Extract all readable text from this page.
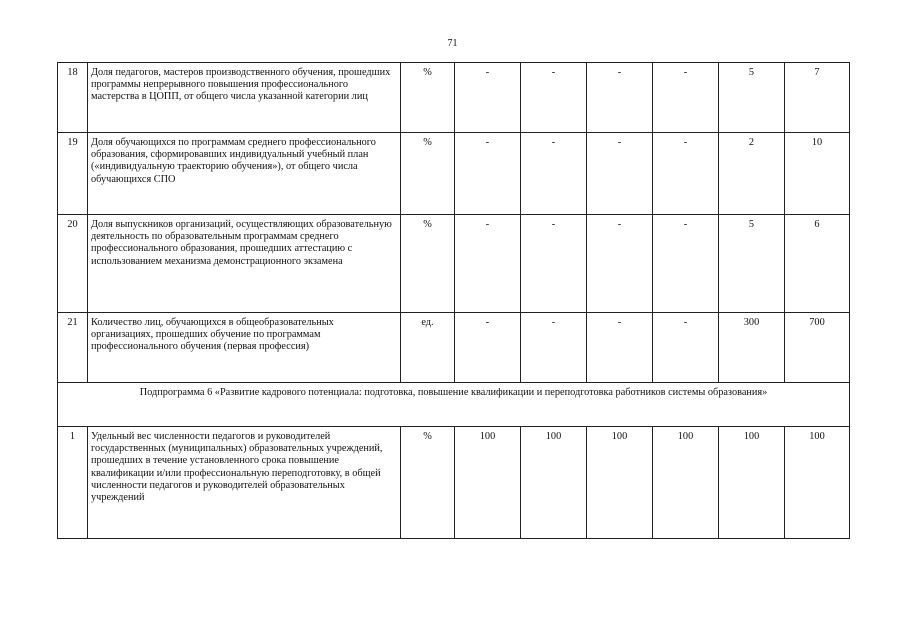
71
18	Доля педагогов, мастеров производственного обучения, прошедших программы непрерывного повышения профессионального мастерства в ЦОПП, от общего числа указанной категории лиц	%	-	-	-	-	5	7
19	Доля обучающихся по программам среднего профессионального образования, сформировавших индивидуальный учебный план («индивидуальную траекторию обучения»), от общего числа обучающихся СПО	%	-	-	-	-	2	10
20	Доля выпускников организаций, осуществляющих образовательную деятельность по образовательным программам среднего профессионального образования, прошедших аттестацию с использованием механизма демонстрационного экзамена	%	-	-	-	-	5	6
21	Количество лиц, обучающихся в общеобразовательных организациях, прошедших обучение по программам профессионального обучения (первая профессия)	ед.	-	-	-	-	300	700
Подпрограмма 6 «Развитие кадрового потенциала: подготовка, повышение квалификации и переподготовка работников системы образования»								
1	Удельный вес численности педагогов и руководителей государственных (муниципальных) образовательных учреждений, прошедших в течение установленного срока повышение квалификации и/или профессиональную переподготовку, в общей численности педагогов и руководителей образовательных учреждений	%	100	100	100	100	100	100
